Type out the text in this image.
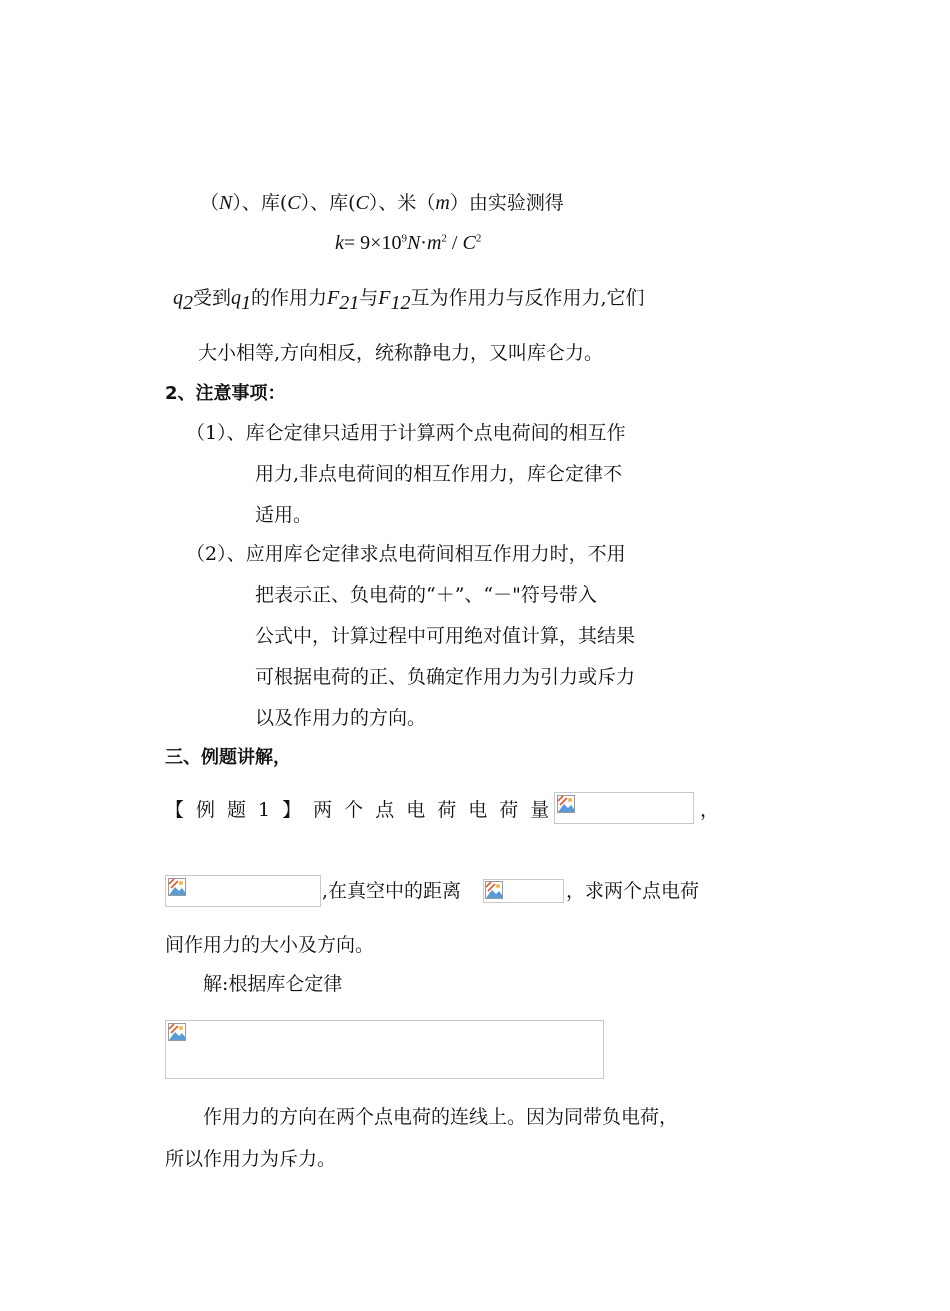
（N）、库(C）、库(C）、米（m）由实验测得
$k= 9\times 10^9N\cdot m^2 / C^2$
$q_2$受到$q_1$的作用力$F_{21}$与$F_{12}$互为作用力与反作用力,它们
大小相等,方向相反，统称静电力，又叫库仑力。
2、注意事项：
（1）、库仑定律只适用于计算两个点电荷间的相互作
用力,非点电荷间的相互作用力，库仑定律不
适用。
（2）、应用库仑定律求点电荷间相互作用力时，不用
把表示正、负电荷的“＋”、“－"符号带入
公式中，计算过程中可用绝对值计算，其结果
可根据电荷的正、负确定作用力为引力或斥力
以及作用力的方向。
三、例题讲解，
【 例 题 1 】 两 个 点 电 荷 电 荷 量	，
,在真空中的距离	，求两个点电荷
间作用力的大小及方向。
解:根据库仑定律
作用力的方向在两个点电荷的连线上。因为同带负电荷，
所以作用力为斥力。
